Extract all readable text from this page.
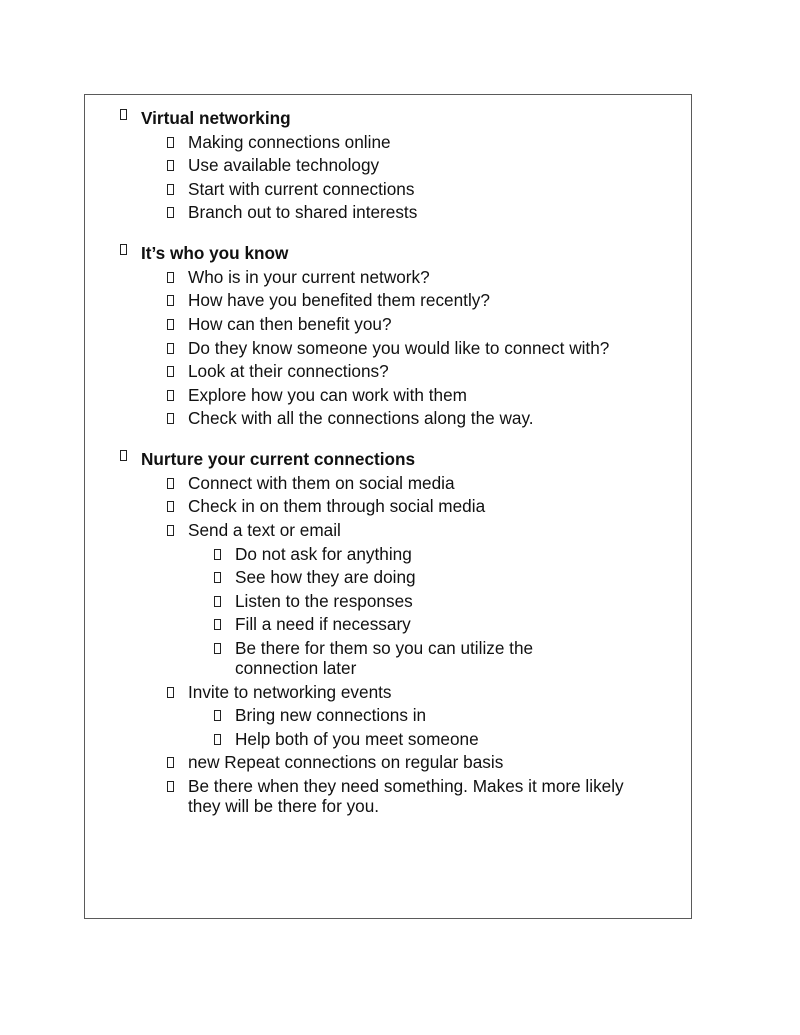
Virtual networking
Making connections online
Use available technology
Start with current connections
Branch out to shared interests
It’s who you know
Who is in your current network?
How have you benefited them recently?
How can then benefit you?
Do they know someone you would like to connect with?
Look at their connections?
Explore how you can work with them
Check with all the connections along the way.
Nurture your current connections
Connect with them on social media
Check in on them through social media
Send a text or email
Do not ask for anything
See how they are doing
Listen to the responses
Fill a need if necessary
Be there for them so you can utilize the connection later
Invite to networking events
Bring new connections in
Help both of you meet someone
new Repeat connections on regular basis
Be there when they need something. Makes it more likely they will be there for you.
